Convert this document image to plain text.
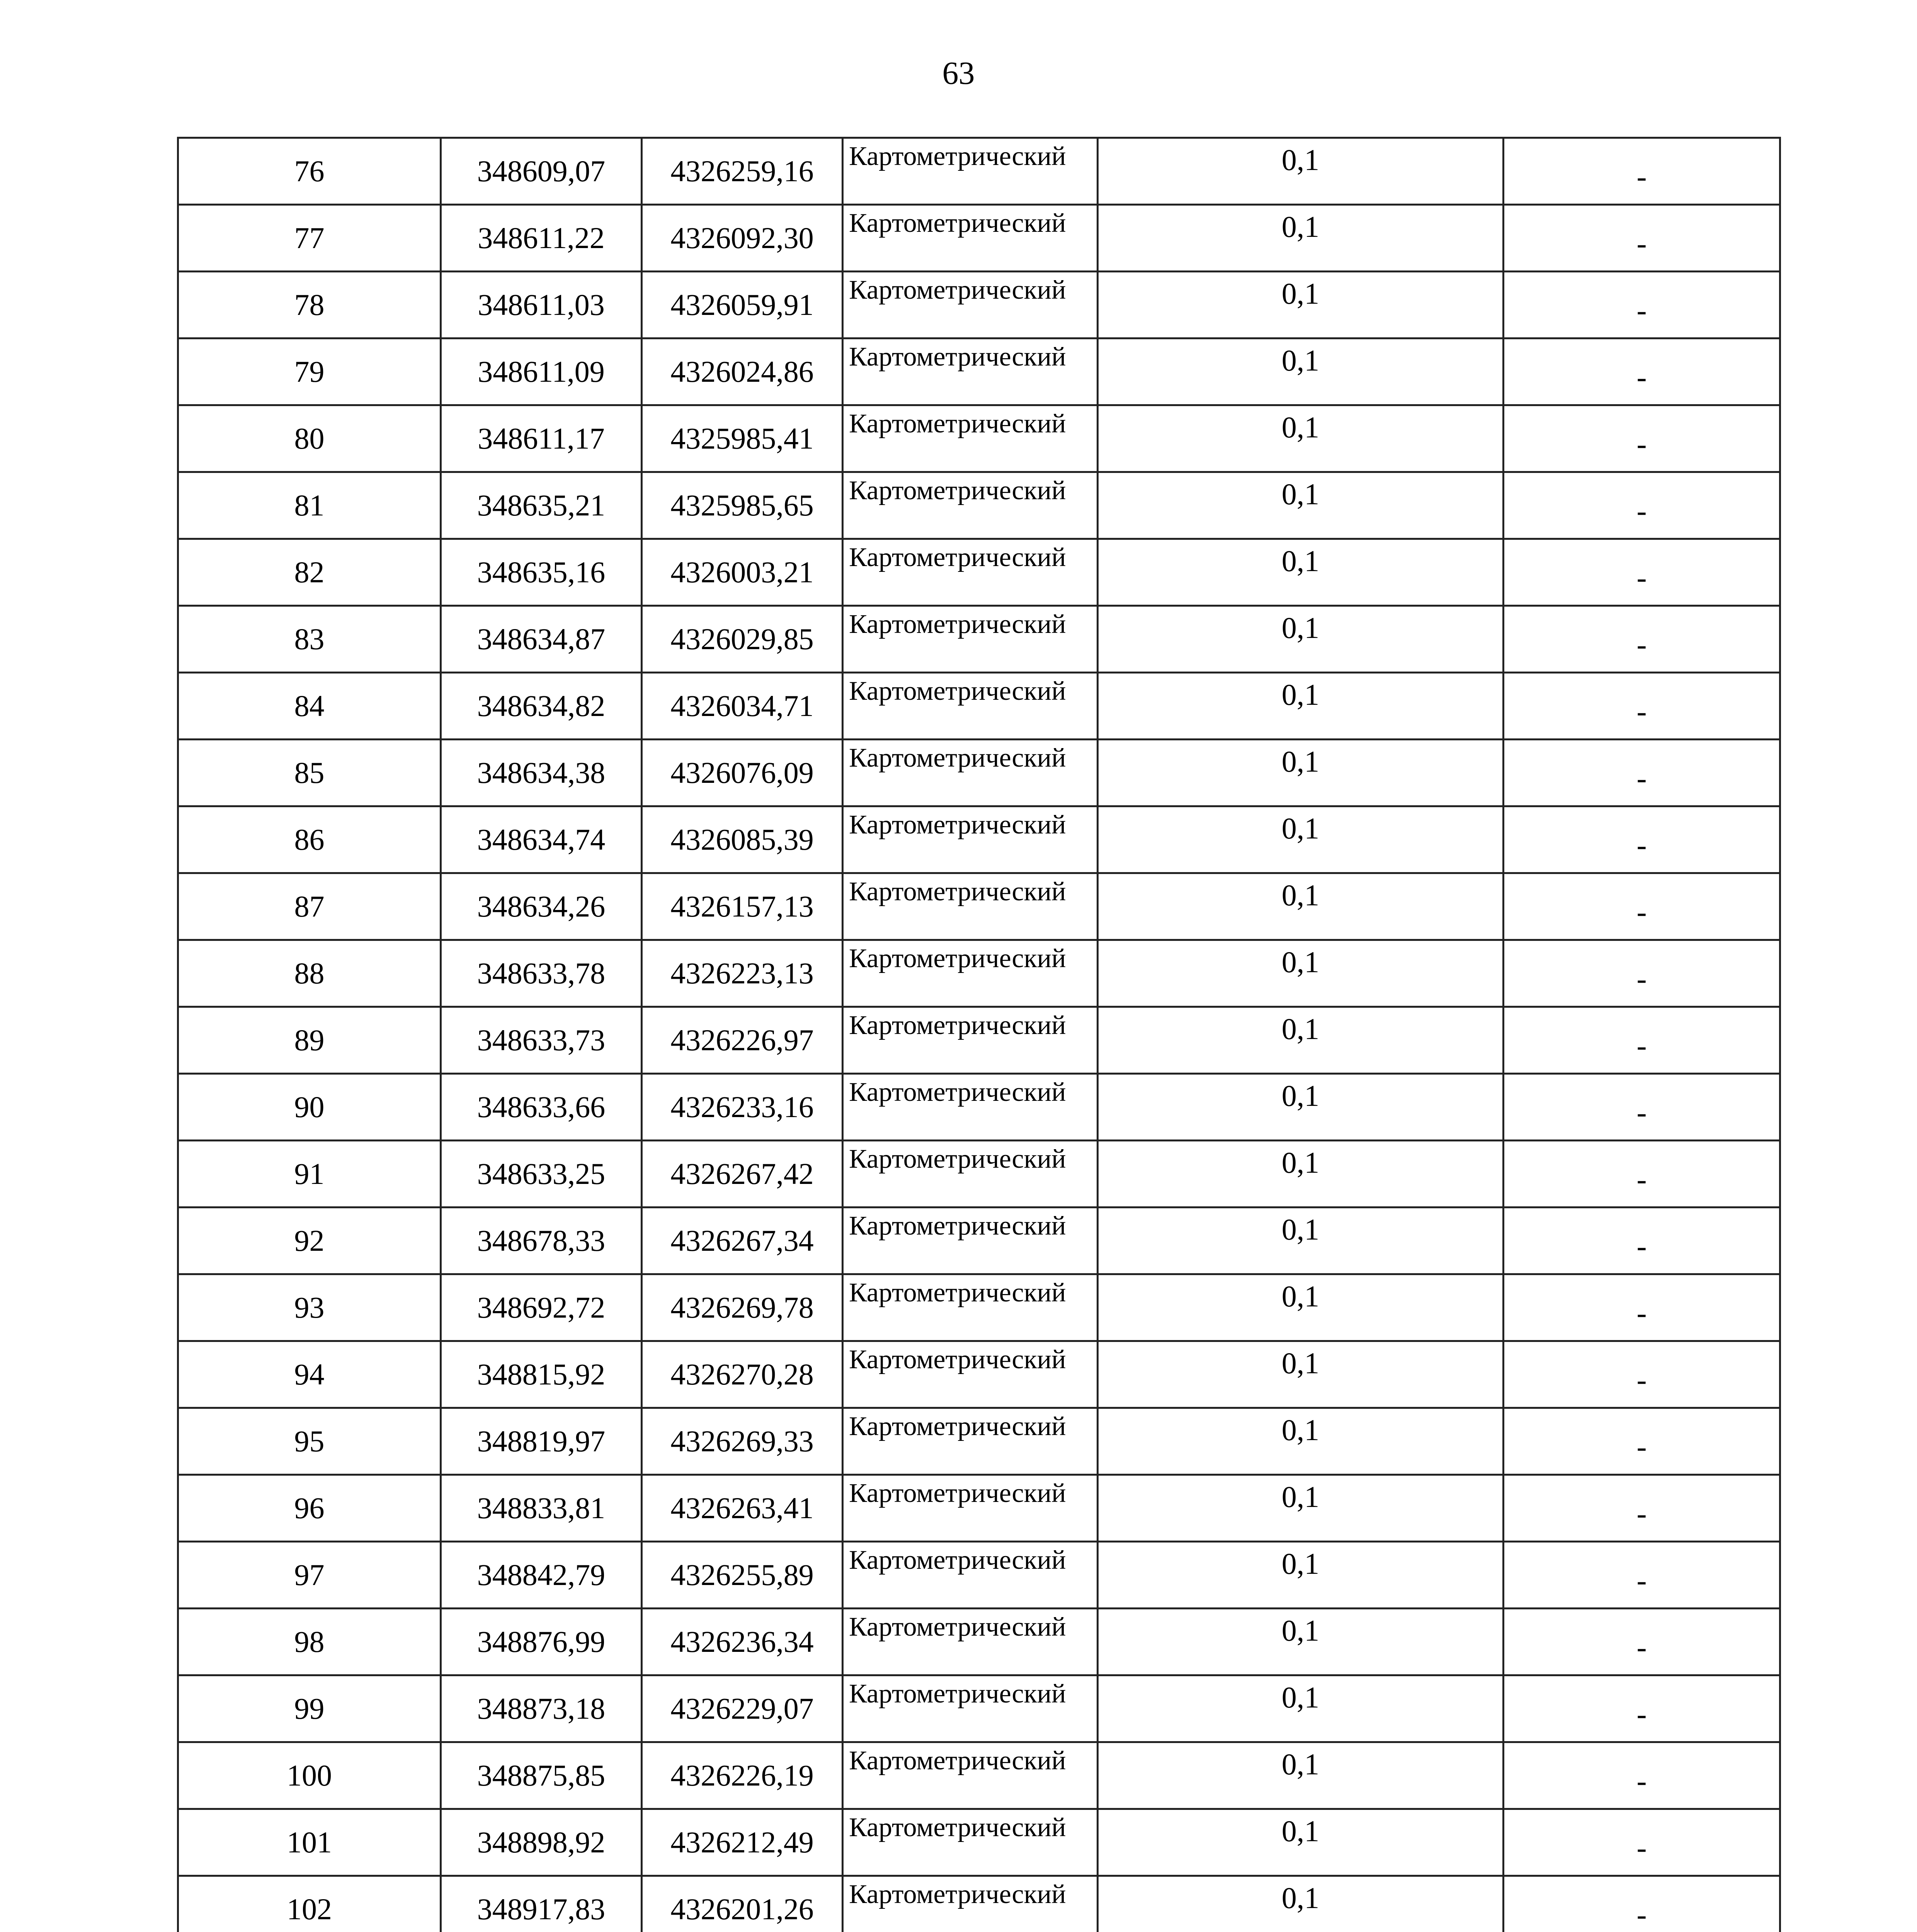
63
76	348609,07	4326259,16	Картометрический	0,1	-
77	348611,22	4326092,30	Картометрический	0,1	-
78	348611,03	4326059,91	Картометрический	0,1	-
79	348611,09	4326024,86	Картометрический	0,1	-
80	348611,17	4325985,41	Картометрический	0,1	-
81	348635,21	4325985,65	Картометрический	0,1	-
82	348635,16	4326003,21	Картометрический	0,1	-
83	348634,87	4326029,85	Картометрический	0,1	-
84	348634,82	4326034,71	Картометрический	0,1	-
85	348634,38	4326076,09	Картометрический	0,1	-
86	348634,74	4326085,39	Картометрический	0,1	-
87	348634,26	4326157,13	Картометрический	0,1	-
88	348633,78	4326223,13	Картометрический	0,1	-
89	348633,73	4326226,97	Картометрический	0,1	-
90	348633,66	4326233,16	Картометрический	0,1	-
91	348633,25	4326267,42	Картометрический	0,1	-
92	348678,33	4326267,34	Картометрический	0,1	-
93	348692,72	4326269,78	Картометрический	0,1	-
94	348815,92	4326270,28	Картометрический	0,1	-
95	348819,97	4326269,33	Картометрический	0,1	-
96	348833,81	4326263,41	Картометрический	0,1	-
97	348842,79	4326255,89	Картометрический	0,1	-
98	348876,99	4326236,34	Картометрический	0,1	-
99	348873,18	4326229,07	Картометрический	0,1	-
100	348875,85	4326226,19	Картометрический	0,1	-
101	348898,92	4326212,49	Картометрический	0,1	-
102	348917,83	4326201,26	Картометрический	0,1	-
